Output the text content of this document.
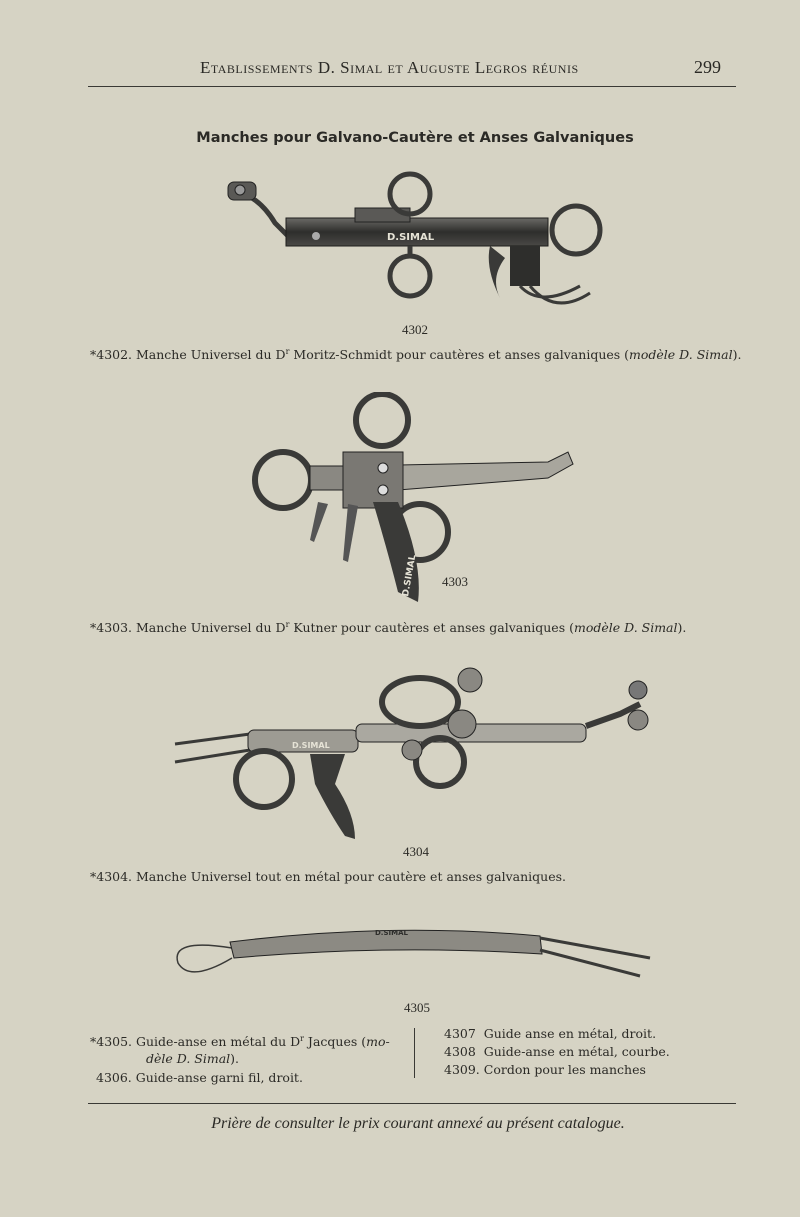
Etablissements D. Simal et Auguste Legros réunis	299
Manches pour Galvano-Cautère et Anses Galvaniques
D.SIMAL
4302
*4302. Manche Universel du $D^r$ Moritz-Schmidt pour cautères et anses galvaniques (modèle D. Simal).
D.SIMAL 4303
*4303. Manche Universel du $D^r$ Kutner pour cautères et anses galvaniques (modèle D. Simal).
D.SIMAL
4304
*4304. Manche Universel tout en métal pour cautère et anses galvaniques.
D.SIMAL
4305
*4305. Guide-anse en métal du $D^r$ Jacques (mo-
dèle D. Simal).
4306. Guide-anse garni fil, droit.
4307  Guide anse en métal, droit.
4308  Guide-anse en métal, courbe.
4309. Cordon pour les manches
Prière de consulter le prix courant annexé au présent catalogue.
